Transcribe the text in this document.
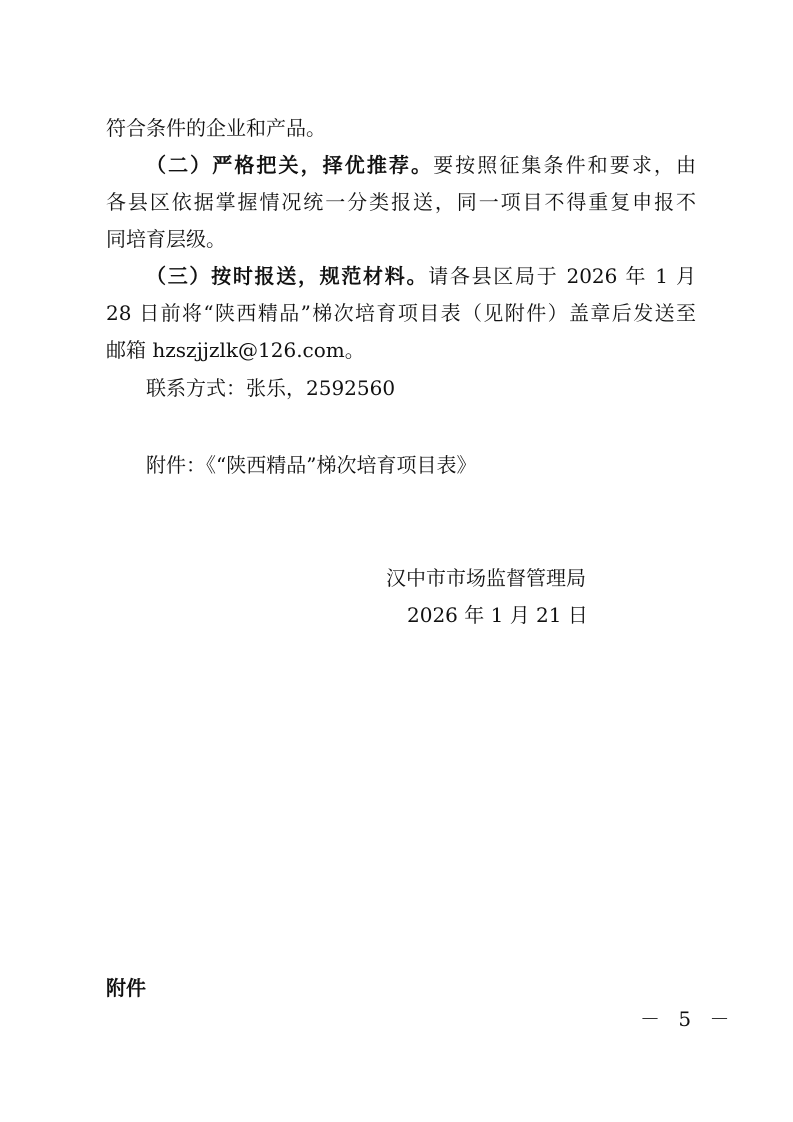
符合条件的企业和产品。
（二）严格把关，择优推荐。要按照征集条件和要求，由
各县区依据掌握情况统一分类报送，同一项目不得重复申报不
同培育层级。
（三）按时报送，规范材料。请各县区局于 2026 年 1 月
28 日前将“陕西精品”梯次培育项目表（见附件）盖章后发送至
邮箱 hzszjjzlk@126.com。
联系方式：张乐，2592560
附件：《“陕西精品”梯次培育项目表》
汉中市市场监督管理局
2026 年 1 月 21 日
附件
－ 5 －
